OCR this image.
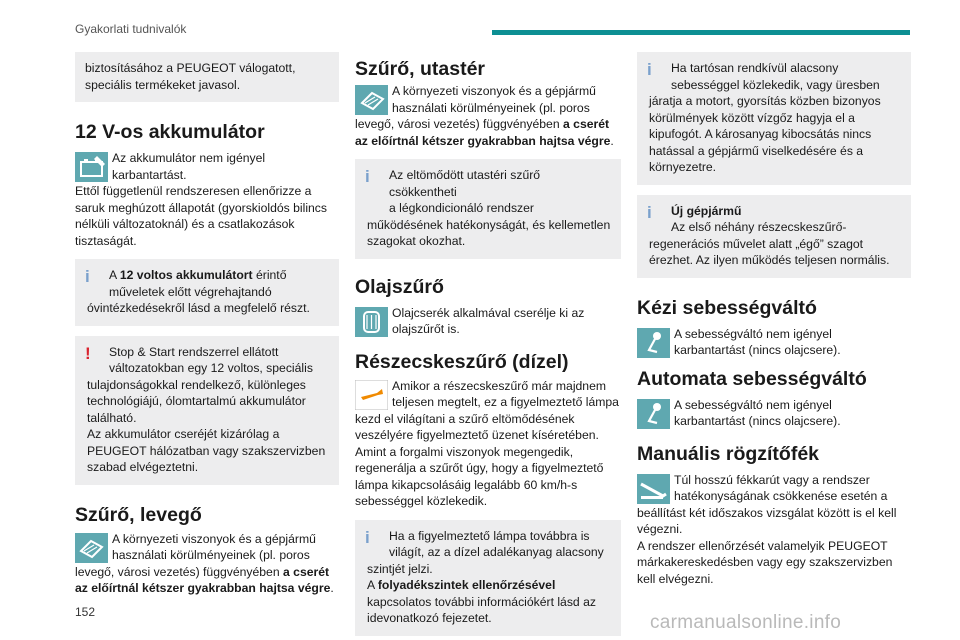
Gyakorlati tudnivalók
biztosításához a PEUGEOT válogatott, speciális termékeket javasol.
12 V-os akkumulátor
Az akkumulátor nem igényel
karbantartást.
Ettől függetlenül rendszeresen ellenőrizze a saruk meghúzott állapotát (gyorskioldós bilincs nélküli változatoknál) és a csatlakozások tisztaságát.
i	A 12 voltos akkumulátort érintő
műveletek előtt végrehajtandó
óvintézkedésekről lásd a megfelelő részt.
!	Stop & Start rendszerrel ellátott
változatokban egy 12 voltos, speciális
tulajdonságokkal rendelkező, különleges technológiájú, ólomtartalmú akkumulátor található.
Az akkumulátor cseréjét kizárólag a PEUGEOT hálózatban vagy szakszervizben szabad elvégeztetni.
Szűrő, levegő
A környezeti viszonyok és a gépjármű
használati körülményeinek (pl. poros
levegő, városi vezetés) függvényében a cserét az előírtnál kétszer gyakrabban hajtsa végre.
Szűrő, utastér
A környezeti viszonyok és a gépjármű
használati körülményeinek (pl. poros
levegő, városi vezetés) függvényében a cserét az előírtnál kétszer gyakrabban hajtsa végre.
i	Az eltömődött utastéri szűrő csökkentheti
a légkondicionáló rendszer
működésének hatékonyságát, és kellemetlen szagokat okozhat.
Olajszűrő
Olajcserék alkalmával cserélje ki az
olajszűrőt is.
Részecskeszűrő (dízel)
Amikor a részecskeszűrő már majdnem
teljesen megtelt, ez a figyelmeztető lámpa
kezd el világítani a szűrő eltömődésének veszélyére figyelmeztető üzenet kíséretében. Amint a forgalmi viszonyok megengedik, regenerálja a szűrőt úgy, hogy a figyelmeztető lámpa kikapcsolásáig legalább 60 km/h-s sebességgel közlekedik.
i	Ha a figyelmeztető lámpa továbbra is
világít, az a dízel adalékanyag alacsony
szintjét jelzi.
A folyadékszintek ellenőrzésével kapcsolatos további információkért lásd az idevonatkozó fejezetet.
i	Ha tartósan rendkívül alacsony
sebességgel közlekedik, vagy üresben
járatja a motort, gyorsítás közben bizonyos körülmények között vízgőz hagyja el a kipufogót. A károsanyag kibocsátás nincs hatással a gépjármű viselkedésére és a környezetre.
i	Új gépjármű
Az első néhány részecskeszűrő-
regenerációs művelet alatt „égő” szagot érezhet. Az ilyen működés teljesen normális.
Kézi sebességváltó
A sebességváltó nem igényel
karbantartást (nincs olajcsere).
Automata sebességváltó
A sebességváltó nem igényel
karbantartást (nincs olajcsere).
Manuális rögzítőfék
Túl hosszú fékkarút vagy a rendszer
hatékonyságának csökkenése esetén a
beállítást két időszakos vizsgálat között is el kell végezni.
A rendszer ellenőrzését valamelyik PEUGEOT márkakereskedésben vagy egy szakszervizben kell elvégezni.
152	carmanualsonline.info
